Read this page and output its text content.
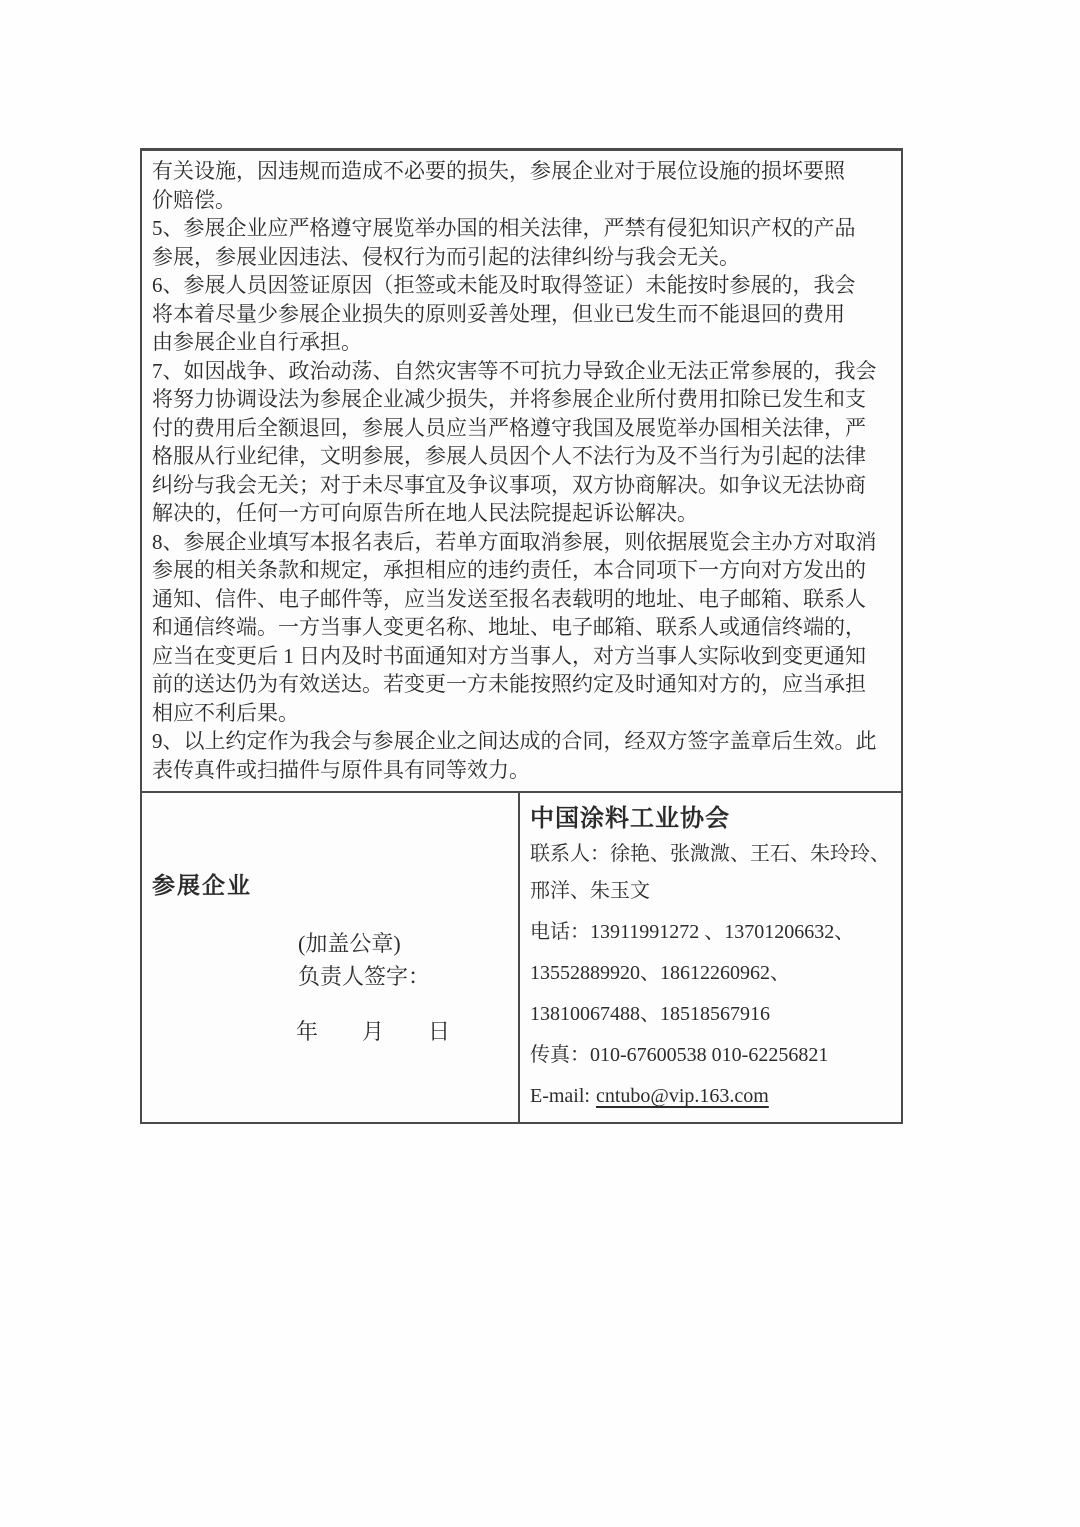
有关设施，因违规而造成不必要的损失，参展企业对于展位设施的损坏要照
价赔偿。
5、参展企业应严格遵守展览举办国的相关法律，严禁有侵犯知识产权的产品
参展，参展业因违法、侵权行为而引起的法律纠纷与我会无关。
6、参展人员因签证原因（拒签或未能及时取得签证）未能按时参展的，我会
将本着尽量少参展企业损失的原则妥善处理，但业已发生而不能退回的费用
由参展企业自行承担。
7、如因战争、政治动荡、自然灾害等不可抗力导致企业无法正常参展的，我会
将努力协调设法为参展企业减少损失，并将参展企业所付费用扣除已发生和支
付的费用后全额退回，参展人员应当严格遵守我国及展览举办国相关法律，严
格服从行业纪律，文明参展，参展人员因个人不法行为及不当行为引起的法律
纠纷与我会无关；对于未尽事宜及争议事项，双方协商解决。如争议无法协商
解决的，任何一方可向原告所在地人民法院提起诉讼解决。
8、参展企业填写本报名表后，若单方面取消参展，则依据展览会主办方对取消
参展的相关条款和规定，承担相应的违约责任，本合同项下一方向对方发出的
通知、信件、电子邮件等，应当发送至报名表载明的地址、电子邮箱、联系人
和通信终端。一方当事人变更名称、地址、电子邮箱、联系人或通信终端的，
应当在变更后 1 日内及时书面通知对方当事人，对方当事人实际收到变更通知
前的送达仍为有效送达。若变更一方未能按照约定及时通知对方的，应当承担
相应不利后果。
9、以上约定作为我会与参展企业之间达成的合同，经双方签字盖章后生效。此
表传真件或扫描件与原件具有同等效力。
参展企业
(加盖公章)
负责人签字：
年　　月　　日
中国涂料工业协会
联系人：徐艳、张溦溦、王石、朱玲玲、
邢洋、朱玉文
电话：13911991272 、13701206632、
13552889920、18612260962、
13810067488、18518567916
传真：010-67600538 010-62256821
E-mail: cntubo@vip.163.com
